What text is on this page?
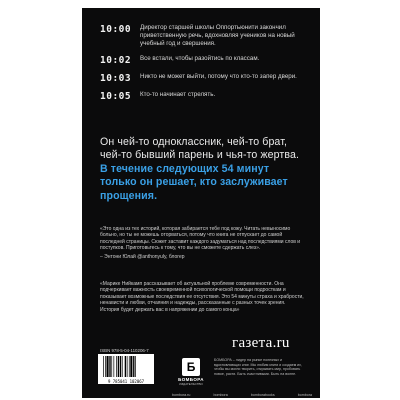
10:00	Директор старшей школы Оппортьюнити закончил приветственную речь, вдохновляя учеников на новый учебный год и свершения.
10:02	Все встали, чтобы разойтись по классам.
10:03	Никто не может выйти, потому что кто-то запер двери.
10:05	Кто-то начинает стрелять.
Он чей-то одноклассник, чей-то брат, чей-то бывший парень и чья-то жертва. В течение следующих 54 минут только он решает, кто заслуживает прощения.
«Это одна из тех историй, которая забирается тебе под кожу. Читать невыносимо больно, но ты не можешь оторваться, потому что книга не отпускает до самой последней страницы. Сюжет заставит каждого задуматься над последствиями слов и поступков. Приготовьтесь к тому, что вы не сможете сдержать слез».
– Энтони Юлай @anthonyuly, блогер
«Марике Нийкамп рассказывает об актуальной проблеме современности. Она подчеркивает важность своевременной психологической помощи подросткам и показывает возможные последствия ее отсутствия. Это 54 минуты страха и храбрости, ненависти и любви, отчаяния и надежды, рассказанные с разных точек зрения. История будет держать вас в напряжении до самого конца»
газета.ru
ISBN 978-5-04-110206-7
9 785041 102067
Б
БОМБОРА
ИЗДАТЕЛЬСТВО
БОМБОРА – лидер на рынке полезных и вдохновляющих книг. Мы любим книги и создаем их, чтобы вы могли творить, открывать мир, пробовать новое, расти. Быть счастливыми. Быть на волне.
bombora.ru	bombora	bomborabooks	bombora
